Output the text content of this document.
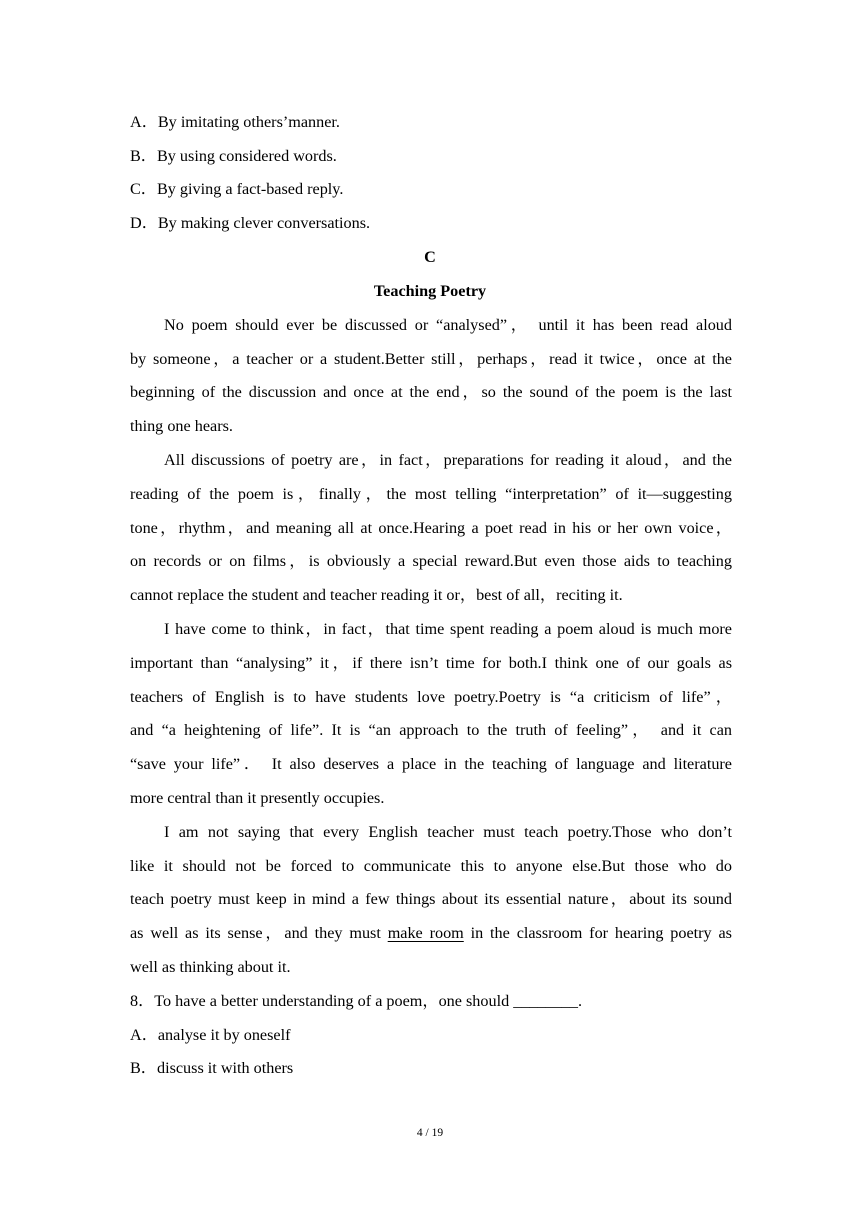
A．By imitating others’manner.
B．By using considered words.
C．By giving a fact-based reply.
D．By making clever conversations.
C
Teaching Poetry
No poem should ever be discussed or “analysed”， until it has been read aloud
by someone，a teacher or a student.Better still，perhaps，read it twice，once at the
beginning of the discussion and once at the end，so the sound of the poem is the last
thing one hears.
All discussions of poetry are，in fact，preparations for reading it aloud，and the
reading of the poem is，finally，the most telling “interpretation” of it—suggesting
tone，rhythm，and meaning all at once.Hearing a poet read in his or her own voice，
on records or on films，is obviously a special reward.But even those aids to teaching
cannot replace the student and teacher reading it or，best of all，reciting it.
I have come to think，in fact，that time spent reading a poem aloud is much more
important than “analysing” it，if there isn’t time for both.I think one of our goals as
teachers of English is to have students love poetry.Poetry is “a criticism of life”，
and “a heightening of life”. It is “an approach to the truth of feeling”， and it can
“save your life”． It also deserves a place in the teaching of language and literature
more central than it presently occupies.
I am not saying that every English teacher must teach poetry.Those who don’t
like it should not be forced to communicate this to anyone else.But those who do
teach poetry must keep in mind a few things about its essential nature，about its sound
as well as its sense，and they must make room in the classroom for hearing poetry as
well as thinking about it.
8．To have a better understanding of a poem，one should ________.
A．analyse it by oneself
B．discuss it with others
4 / 19
